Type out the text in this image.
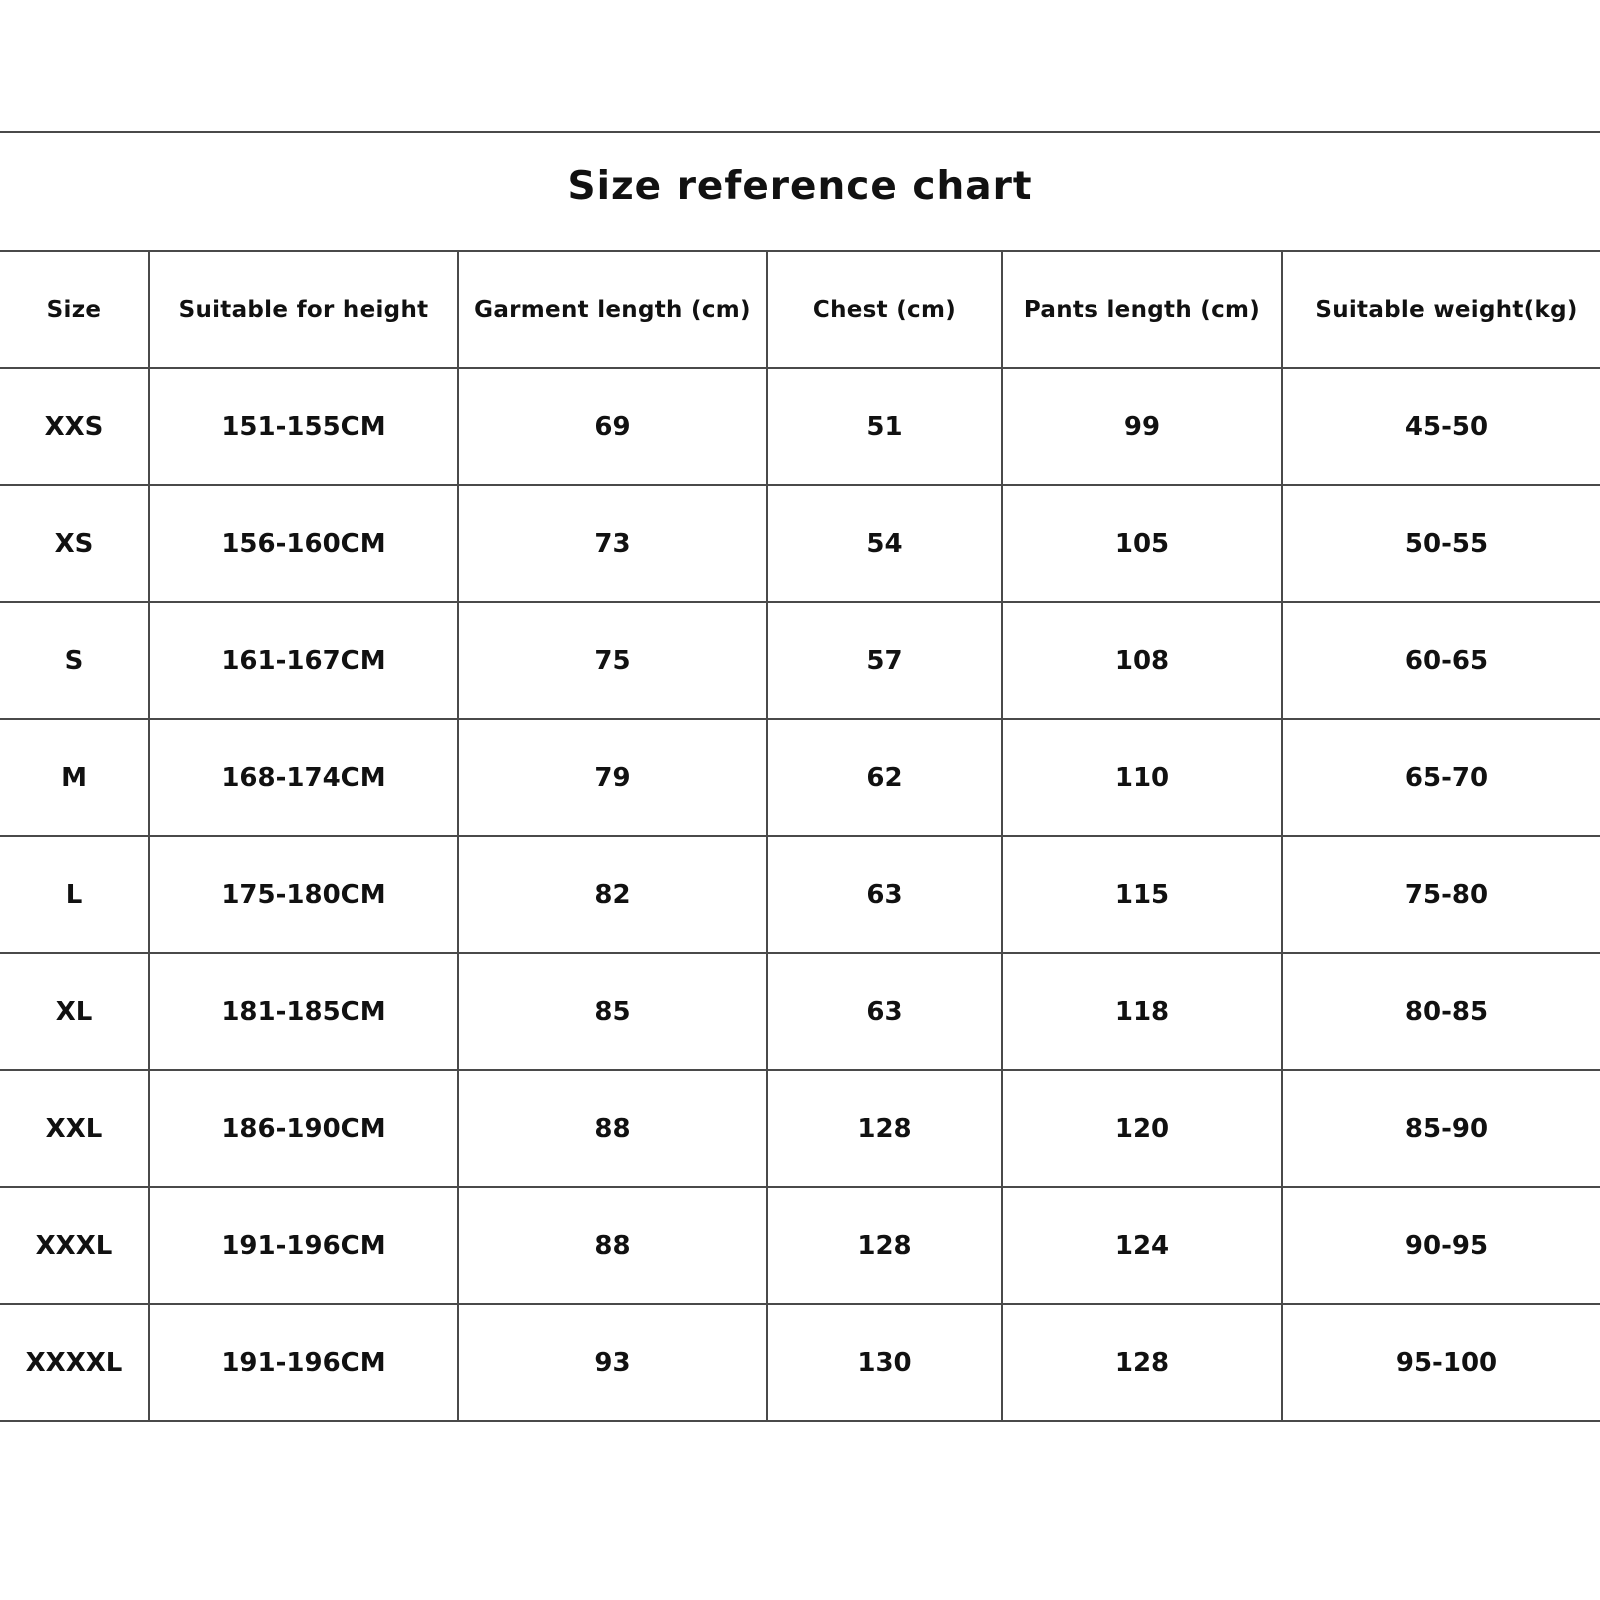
Size reference chart
Size	Suitable for height	Garment length (cm)	Chest (cm)	Pants length (cm)	Suitable weight(kg)
XXS	151-155CM	69	51	99	45-50
XS	156-160CM	73	54	105	50-55
S	161-167CM	75	57	108	60-65
M	168-174CM	79	62	110	65-70
L	175-180CM	82	63	115	75-80
XL	181-185CM	85	63	118	80-85
XXL	186-190CM	88	128	120	85-90
XXXL	191-196CM	88	128	124	90-95
XXXXL	191-196CM	93	130	128	95-100
